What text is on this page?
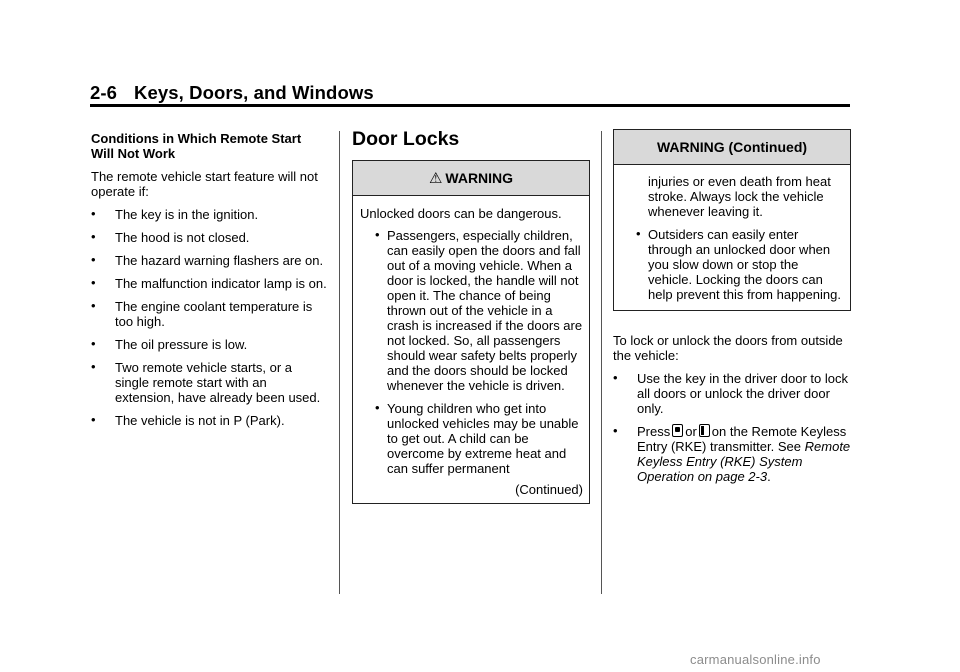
2-6 Keys, Doors, and Windows
Conditions in Which Remote Start
Will Not Work

The remote vehicle start feature will not operate if:

• The key is in the ignition.
• The hood is not closed.
• The hazard warning flashers are on.
• The malfunction indicator lamp is on.
• The engine coolant temperature is too high.
• The oil pressure is low.
• Two remote vehicle starts, or a single remote start with an extension, have already been used.
• The vehicle is not in P (Park).
Door Locks
⚠ WARNING

Unlocked doors can be dangerous.

• Passengers, especially children, can easily open the doors and fall out of a moving vehicle. When a door is locked, the handle will not open it. The chance of being thrown out of the vehicle in a crash is increased if the doors are not locked. So, all passengers should wear safety belts properly and the doors should be locked whenever the vehicle is driven.
• Young children who get into unlocked vehicles may be unable to get out. A child can be overcome by extreme heat and can suffer permanent
(Continued)
WARNING (Continued)

injuries or even death from heat stroke. Always lock the vehicle whenever leaving it.

• Outsiders can easily enter through an unlocked door when you slow down or stop the vehicle. Locking the doors can help prevent this from happening.

To lock or unlock the doors from outside the vehicle:

• Use the key in the driver door to lock all doors or unlock the driver door only.
• Press or on the Remote Keyless Entry (RKE) transmitter. See Remote Keyless Entry (RKE) System Operation on page 2-3.
carmanualsonline.info
